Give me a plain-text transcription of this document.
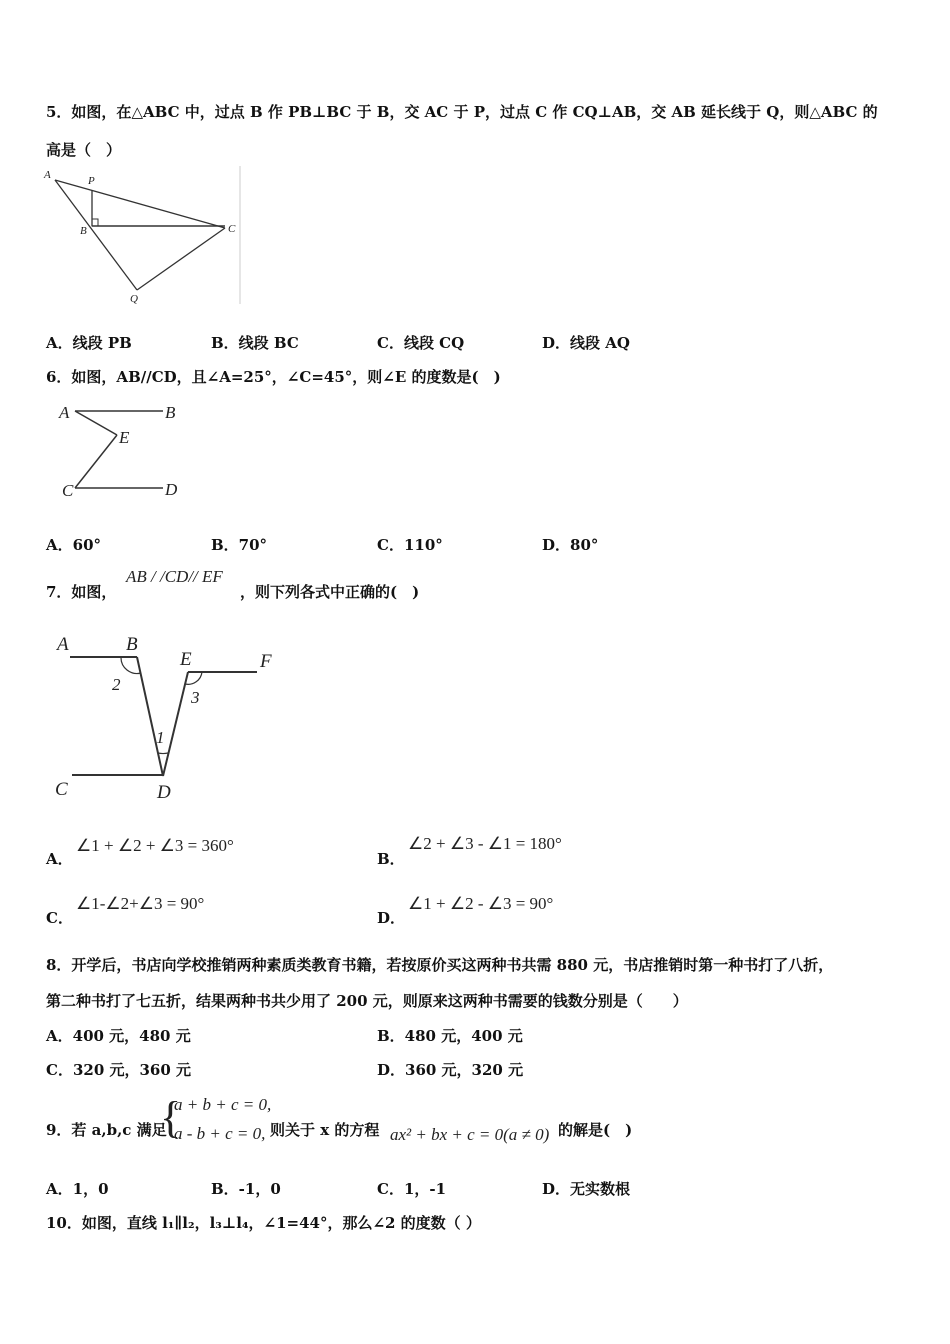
5．如图，在△ABC 中，过点 B 作 PB⊥BC 于 B，交 AC 于 P，过点 C 作 CQ⊥AB，交 AB 延长线于 Q，则△ABC 的
高是（　）
A	P
B	C
Q
A．线段 PB	B．线段 BC	C．线段 CQ	D．线段 AQ
6．如图，AB//CD，且∠A=25°，∠C=45°，则∠E 的度数是(　)
A	B
E
C	D
A．60°	B．70°	C．110°	D．80°
7．如图，
AB / /CD// EF
，则下列各式中正确的(　)
A	B
E	F
C	D
1
2
3
A．
∠1 + ∠2 + ∠3 = 360°
B．
∠2 + ∠3 - ∠1 = 180°
C．
∠1-∠2+∠3 = 90°
D．
∠1 + ∠2 - ∠3 = 90°
8．开学后，书店向学校推销两种素质类教育书籍，若按原价买这两种书共需 880 元，书店推销时第一种书打了八折，
第二种书打了七五折，结果两种书共少用了 200 元，则原来这两种书需要的钱数分别是（　　）
A．400 元，480 元	B．480 元，400 元
C．320 元，360 元	D．360 元，320 元
9．若 a,b,c 满足
{
a + b + c = 0,
a - b + c = 0, 则关于 x 的方程 ax² + bx + c = 0(a ≠ 0) 的解是(　)
A．1，0	B．-1，0	C．1，-1	D．无实数根
10．如图，直线 l₁∥l₂，l₃⊥l₄，∠1=44°，那么∠2 的度数（ ）
